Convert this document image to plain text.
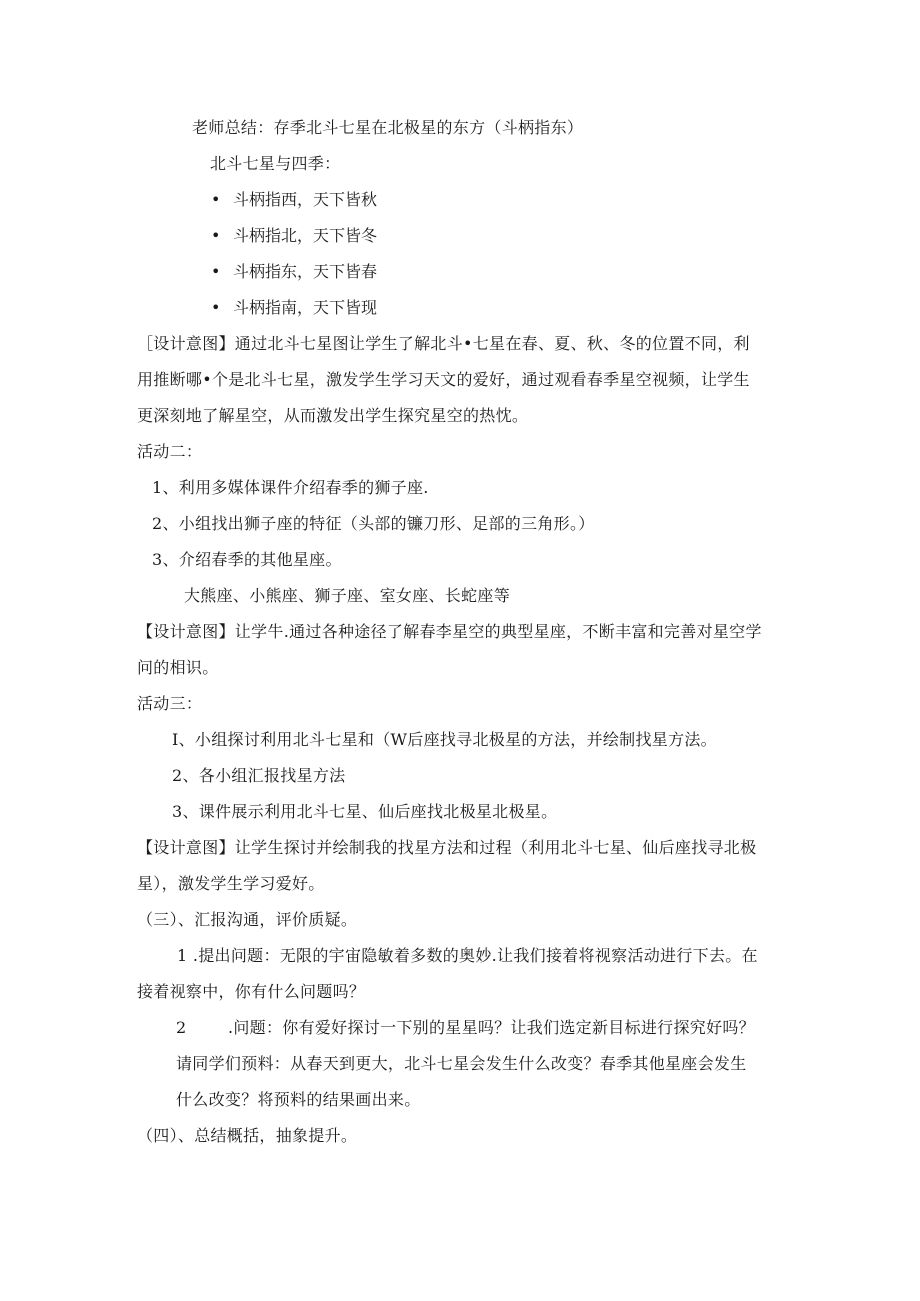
老师总结：存季北斗七星在北极星的东方（斗柄指东）
北斗七星与四季：
• 斗柄指西，天下皆秋
• 斗柄指北，天下皆冬
• 斗柄指东，天下皆春
• 斗柄指南，天下皆现
［设计意图】通过北斗七星图让学生了解北斗•七星在春、夏、秋、冬的位置不同，利
用推断哪•个是北斗七星，激发学生学习天文的爱好，通过观看春季星空视频，让学生
更深刻地了解星空，从而激发出学生探究星空的热忱。
活动二：
1、利用多媒体课件介绍春季的狮子座.
2、小组找出狮子座的特征（头部的镰刀形、足部的三角形。）
3、介绍春季的其他星座。
大熊座、小熊座、狮子座、室女座、长蛇座等
【设计意图】让学牛.通过各种途径了解春李星空的典型星座，不断丰富和完善对星空学
问的相识。
活动三：
I、小组探讨利用北斗七星和（W后座找寻北极星的方法，并绘制找星方法。
2、各小组汇报找星方法
3、课件展示利用北斗七星、仙后座找北极星北极星。
【设计意图】让学生探讨并绘制我的找星方法和过程（利用北斗七星、仙后座找寻北极
星），激发学生学习爱好。
（三）、汇报沟通，评价质疑。
1 .提出问题：无限的宇宙隐敏着多数的奥妙.让我们接着将视察活动进行下去。在
接着视察中，你有什么问题吗？
2	.问题：你有爱好探讨一下别的星星吗？让我们选定新目标进行探究好吗？
请同学们预料：从春天到更大，北斗七星会发生什么改变？春季其他星座会发生
什么改变？将预料的结果画出来。
（四）、总结概括，抽象提升。
